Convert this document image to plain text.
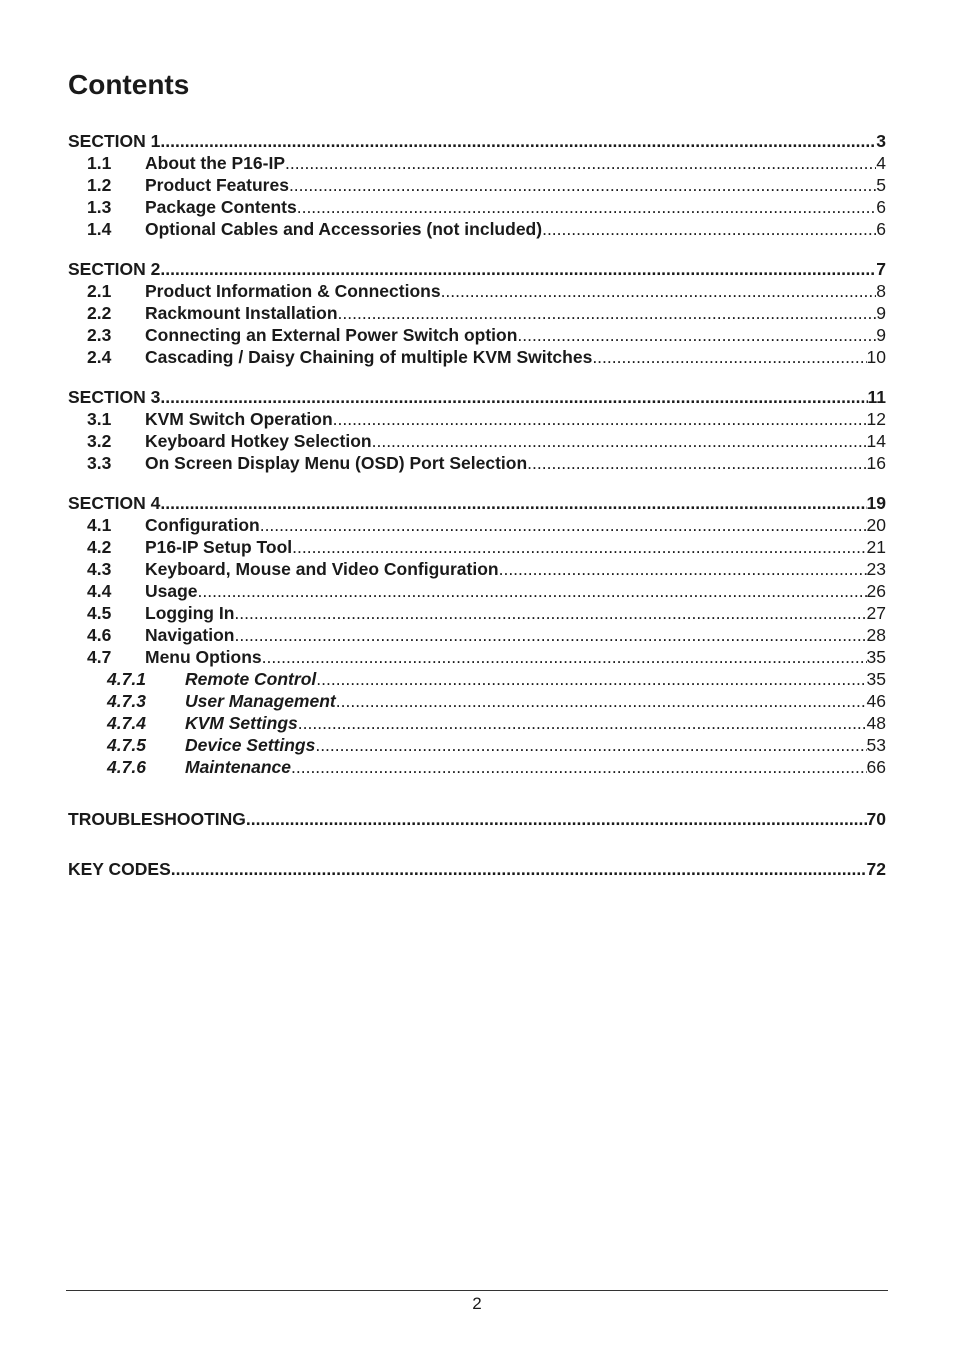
Contents
SECTION 1 .....	3
1.1	About the P16-IP .....	4
1.2	Product Features .....	5
1.3	Package Contents .....	6
1.4	Optional Cables and Accessories (not included) .....	6
SECTION 2 .....	7
2.1	Product Information & Connections .....	8
2.2	Rackmount Installation .....	9
2.3	Connecting an External Power Switch option .....	9
2.4	Cascading / Daisy Chaining of multiple KVM Switches .....	10
SECTION 3 .....	11
3.1	KVM Switch Operation .....	12
3.2	Keyboard Hotkey Selection .....	14
3.3	On Screen Display Menu (OSD) Port Selection .....	16
SECTION 4 .....	19
4.1	Configuration .....	20
4.2	P16-IP Setup Tool .....	21
4.3	Keyboard, Mouse and Video Configuration .....	23
4.4	Usage .....	26
4.5	Logging In .....	27
4.6	Navigation .....	28
4.7	Menu Options .....	35
4.7.1	Remote Control .....	35
4.7.3	User Management .....	46
4.7.4	KVM Settings .....	48
4.7.5	Device Settings .....	53
4.7.6	Maintenance .....	66
TROUBLESHOOTING .....	70
KEY CODES .....	72
2
